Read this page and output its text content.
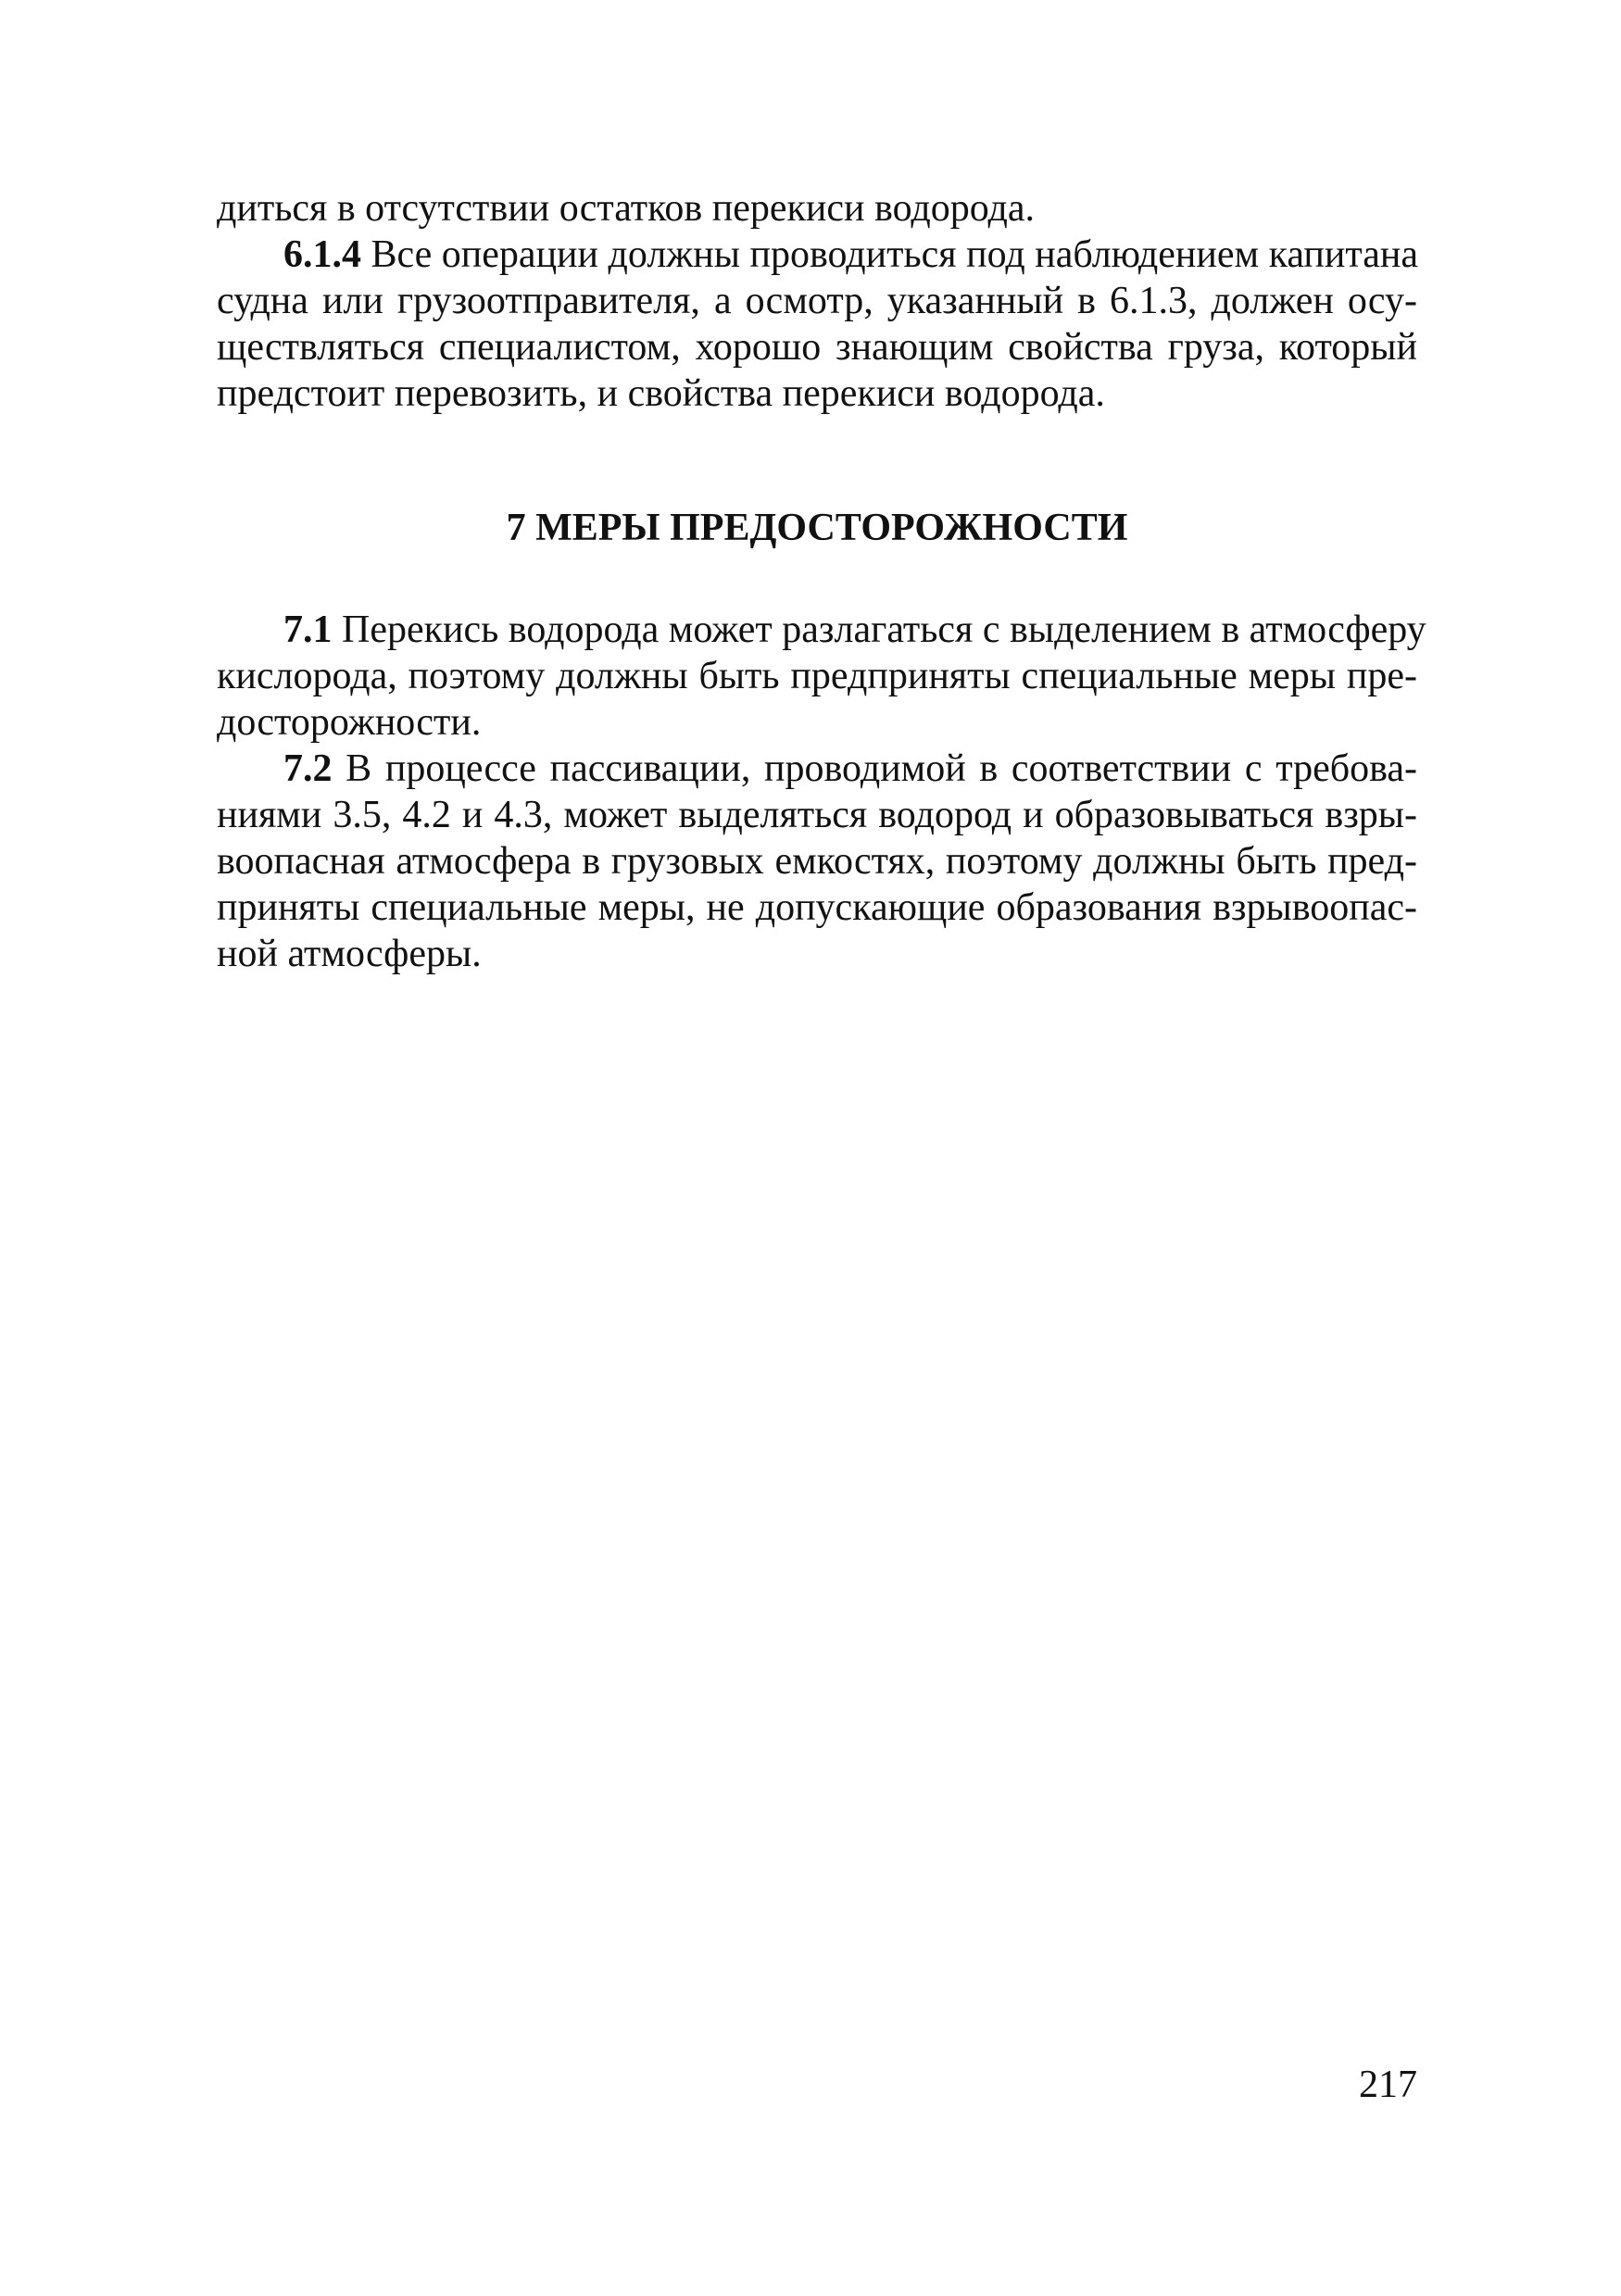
диться в отсутствии остатков перекиси водорода.
6.1.4 Все операции должны проводиться под наблюдением капитана
судна или грузоотправителя, а осмотр, указанный в 6.1.3, должен осу-
ществляться специалистом, хорошо знающим свойства груза, который
предстоит перевозить, и свойства перекиси водорода.
7 МЕРЫ ПРЕДОСТОРОЖНОСТИ
7.1 Перекись водорода может разлагаться с выделением в атмосферу
кислорода, поэтому должны быть предприняты специальные меры пре-
досторожности.
7.2 В процессе пассивации, проводимой в соответствии с требова-
ниями 3.5, 4.2 и 4.3, может выделяться водород и образовываться взры-
воопасная атмосфера в грузовых емкостях, поэтому должны быть пред-
приняты специальные меры, не допускающие образования взрывоопас-
ной атмосферы.
217
